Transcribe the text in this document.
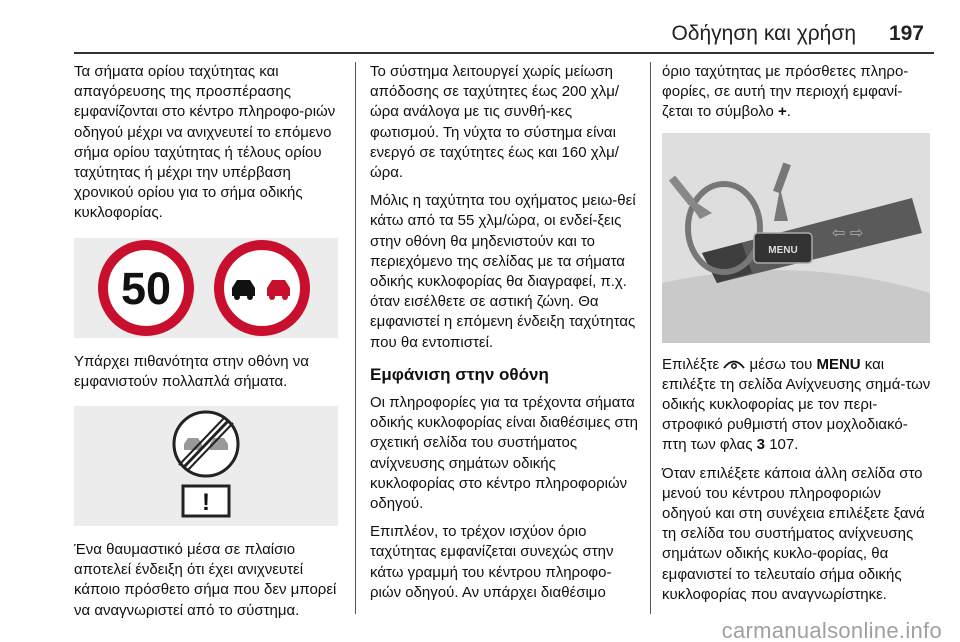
Οδήγηση και χρήση 197

Τα σήματα ορίου ταχύτητας και απαγόρευσης της προσπέρασης εμφανίζονται στο κέντρο πληροφο-ριών οδηγού μέχρι να ανιχνευτεί το επόμενο σήμα ορίου ταχύτητας ή τέλους ορίου ταχύτητας ή μέχρι την υπέρβαση χρονικού ορίου για το σήμα οδικής κυκλοφορίας.

50

Υπάρχει πιθανότητα στην οθόνη να εμφανιστούν πολλαπλά σήματα.

!

Ένα θαυμαστικό μέσα σε πλαίσιο αποτελεί ένδειξη ότι έχει ανιχνευτεί κάποιο πρόσθετο σήμα που δεν μπορεί να αναγνωριστεί από το σύστημα.

Το σύστημα λειτουργεί χωρίς μείωση απόδοσης σε ταχύτητες έως 200 χλμ/ώρα ανάλογα με τις συνθή-κες φωτισμού. Τη νύχτα το σύστημα είναι ενεργό σε ταχύτητες έως και 160 χλμ/ώρα.

Μόλις η ταχύτητα του οχήματος μειω-θεί κάτω από τα 55 χλμ/ώρα, οι ενδεί-ξεις στην οθόνη θα μηδενιστούν και το περιεχόμενο της σελίδας με τα σήματα οδικής κυκλοφορίας θα διαγραφεί, π.χ. όταν εισέλθετε σε αστική ζώνη. Θα εμφανιστεί η επόμενη ένδειξη ταχύτητας που θα εντοπιστεί.

Εμφάνιση στην οθόνη

Οι πληροφορίες για τα τρέχοντα σήματα οδικής κυκλοφορίας είναι διαθέσιμες στη σχετική σελίδα του συστήματος ανίχνευσης σημάτων οδικής κυκλοφορίας στο κέντρο πληροφοριών οδηγού.

Επιπλέον, το τρέχον ισχύον όριο ταχύτητας εμφανίζεται συνεχώς στην κάτω γραμμή του κέντρου πληροφο-ριών οδηγού. Αν υπάρχει διαθέσιμο

όριο ταχύτητας με πρόσθετες πληρο-φορίες, σε αυτή την περιοχή εμφανί-ζεται το σύμβολο +.

MENU
⇦ ⇨

Επιλέξτε μέσω του MENU και επιλέξτε τη σελίδα Ανίχνευσης σημά-των οδικής κυκλοφορίας με τον περι-στροφικό ρυθμιστή στον μοχλοδιακό-πτη των φλας 3 107.

Όταν επιλέξετε κάποια άλλη σελίδα στο μενού του κέντρου πληροφοριών οδηγού και στη συνέχεια επιλέξετε ξανά τη σελίδα του συστήματος ανίχνευσης σημάτων οδικής κυκλο-φορίας, θα εμφανιστεί το τελευταίο σήμα οδικής κυκλοφορίας που αναγνωρίστηκε.

carmanualsonline.info
